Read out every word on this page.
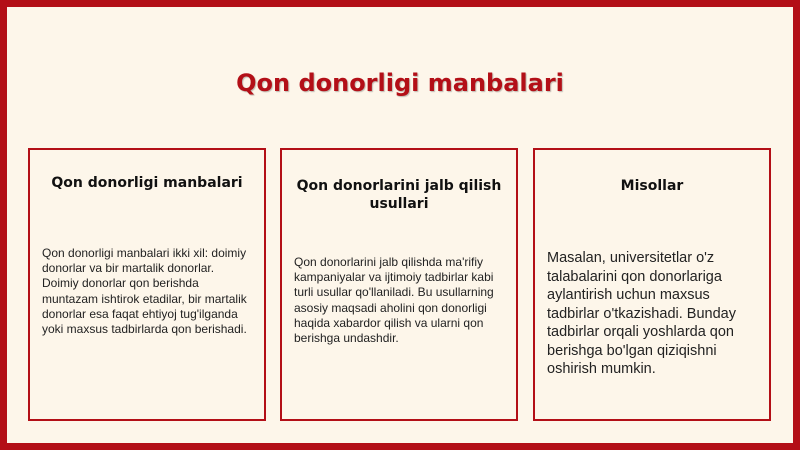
Qon donorligi manbalari
Qon donorligi manbalari

Qon donorligi manbalari ikki xil: doimiy donorlar va bir martalik donorlar. Doimiy donorlar qon berishda muntazam ishtirok etadilar, bir martalik donorlar esa faqat ehtiyoj tug'ilganda yoki maxsus tadbirlarda qon berishadi.

Qon donorlarini jalb qilish usullari

Qon donorlarini jalb qilishda ma'rifiy kampaniyalar va ijtimoiy tadbirlar kabi turli usullar qo'llaniladi. Bu usullarning asosiy maqsadi aholini qon donorligi haqida xabardor qilish va ularni qon berishga undashdir.

Misollar

Masalan, universitetlar o'z talabalarini qon donorlariga aylantirish uchun maxsus tadbirlar o'tkazishadi. Bunday tadbirlar orqali yoshlarda qon berishga bo'lgan qiziqishni oshirish mumkin.
